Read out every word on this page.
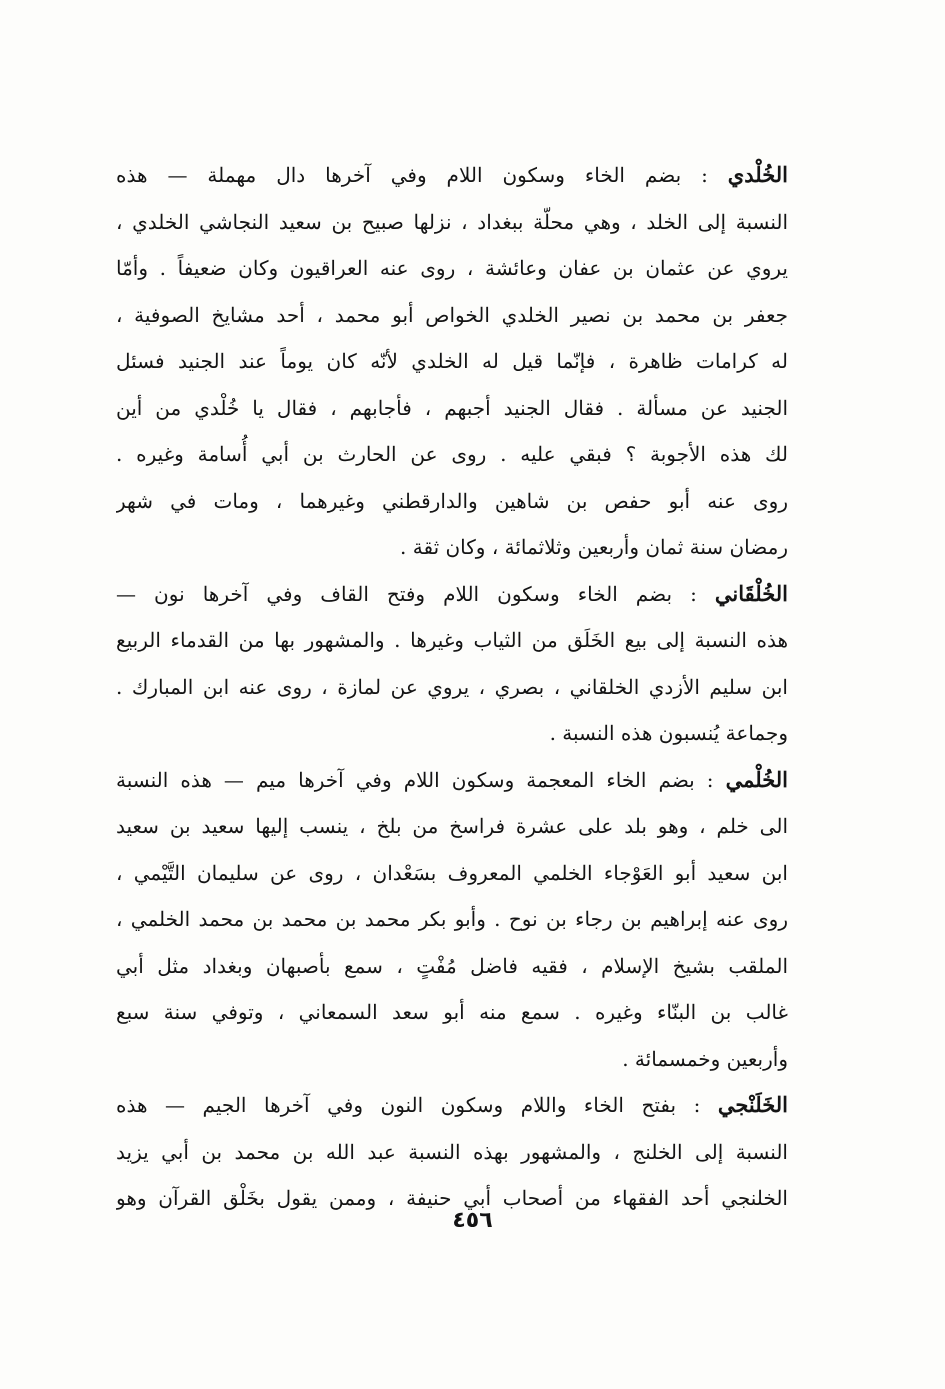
الخُلْدي : بضم الخاء وسكون اللام وفي آخرها دال مهملة — هذه
النسبة إلى الخلد ، وهي محلّة ببغداد ، نزلها صبيح بن سعيد النجاشي الخلدي ،
يروي عن عثمان بن عفان وعائشة ، روى عنه العراقيون وكان ضعيفاً . وأمّا
جعفر بن محمد بن نصير الخلدي الخواص أبو محمد ، أحد مشايخ الصوفية ،
له كرامات ظاهرة ، فإنّما قيل له الخلدي لأنّه كان يوماً عند الجنيد فسئل
الجنيد عن مسألة . فقال الجنيد أجبهم ، فأجابهم ، فقال يا خُلْدي من أين
لك هذه الأجوبة ؟ فبقي عليه . روى عن الحارث بن أبي أُسامة وغيره .
روى عنه أبو حفص بن شاهين والدارقطني وغيرهما ، ومات في شهر
رمضان سنة ثمان وأربعين وثلاثمائة ، وكان ثقة .
الخُلْقَاني : بضم الخاء وسكون اللام وفتح القاف وفي آخرها نون —
هذه النسبة إلى بيع الخَلَق من الثياب وغيرها . والمشهور بها من القدماء الربيع
ابن سليم الأزدي الخلقاني ، بصري ، يروي عن لمازة ، روى عنه ابن المبارك .
وجماعة يُنسبون هذه النسبة .
الخُلْمي : بضم الخاء المعجمة وسكون اللام وفي آخرها ميم — هذه النسبة
الى خلم ، وهو بلد على عشرة فراسخ من بلخ ، ينسب إليها سعيد بن سعيد
ابن سعيد أبو العَوْجاء الخلمي المعروف بسَعْدان ، روى عن سليمان التَّيْمي ،
روى عنه إبراهيم بن رجاء بن نوح . وأبو بكر محمد بن محمد بن محمد الخلمي ،
الملقب بشيخ الإسلام ، فقيه فاضل مُفْتٍ ، سمع بأصبهان وبغداد مثل أبي
غالب بن البنّاء وغيره . سمع منه أبو سعد السمعاني ، وتوفي سنة سبع
وأربعين وخمسمائة .
الخَلَنْجي : بفتح الخاء واللام وسكون النون وفي آخرها الجيم — هذه
النسبة إلى الخلنج ، والمشهور بهذه النسبة عبد الله بن محمد بن أبي يزيد
الخلنجي أحد الفقهاء من أصحاب أبي حنيفة ، وممن يقول بخَلْق القرآن وهو
٤٥٦
